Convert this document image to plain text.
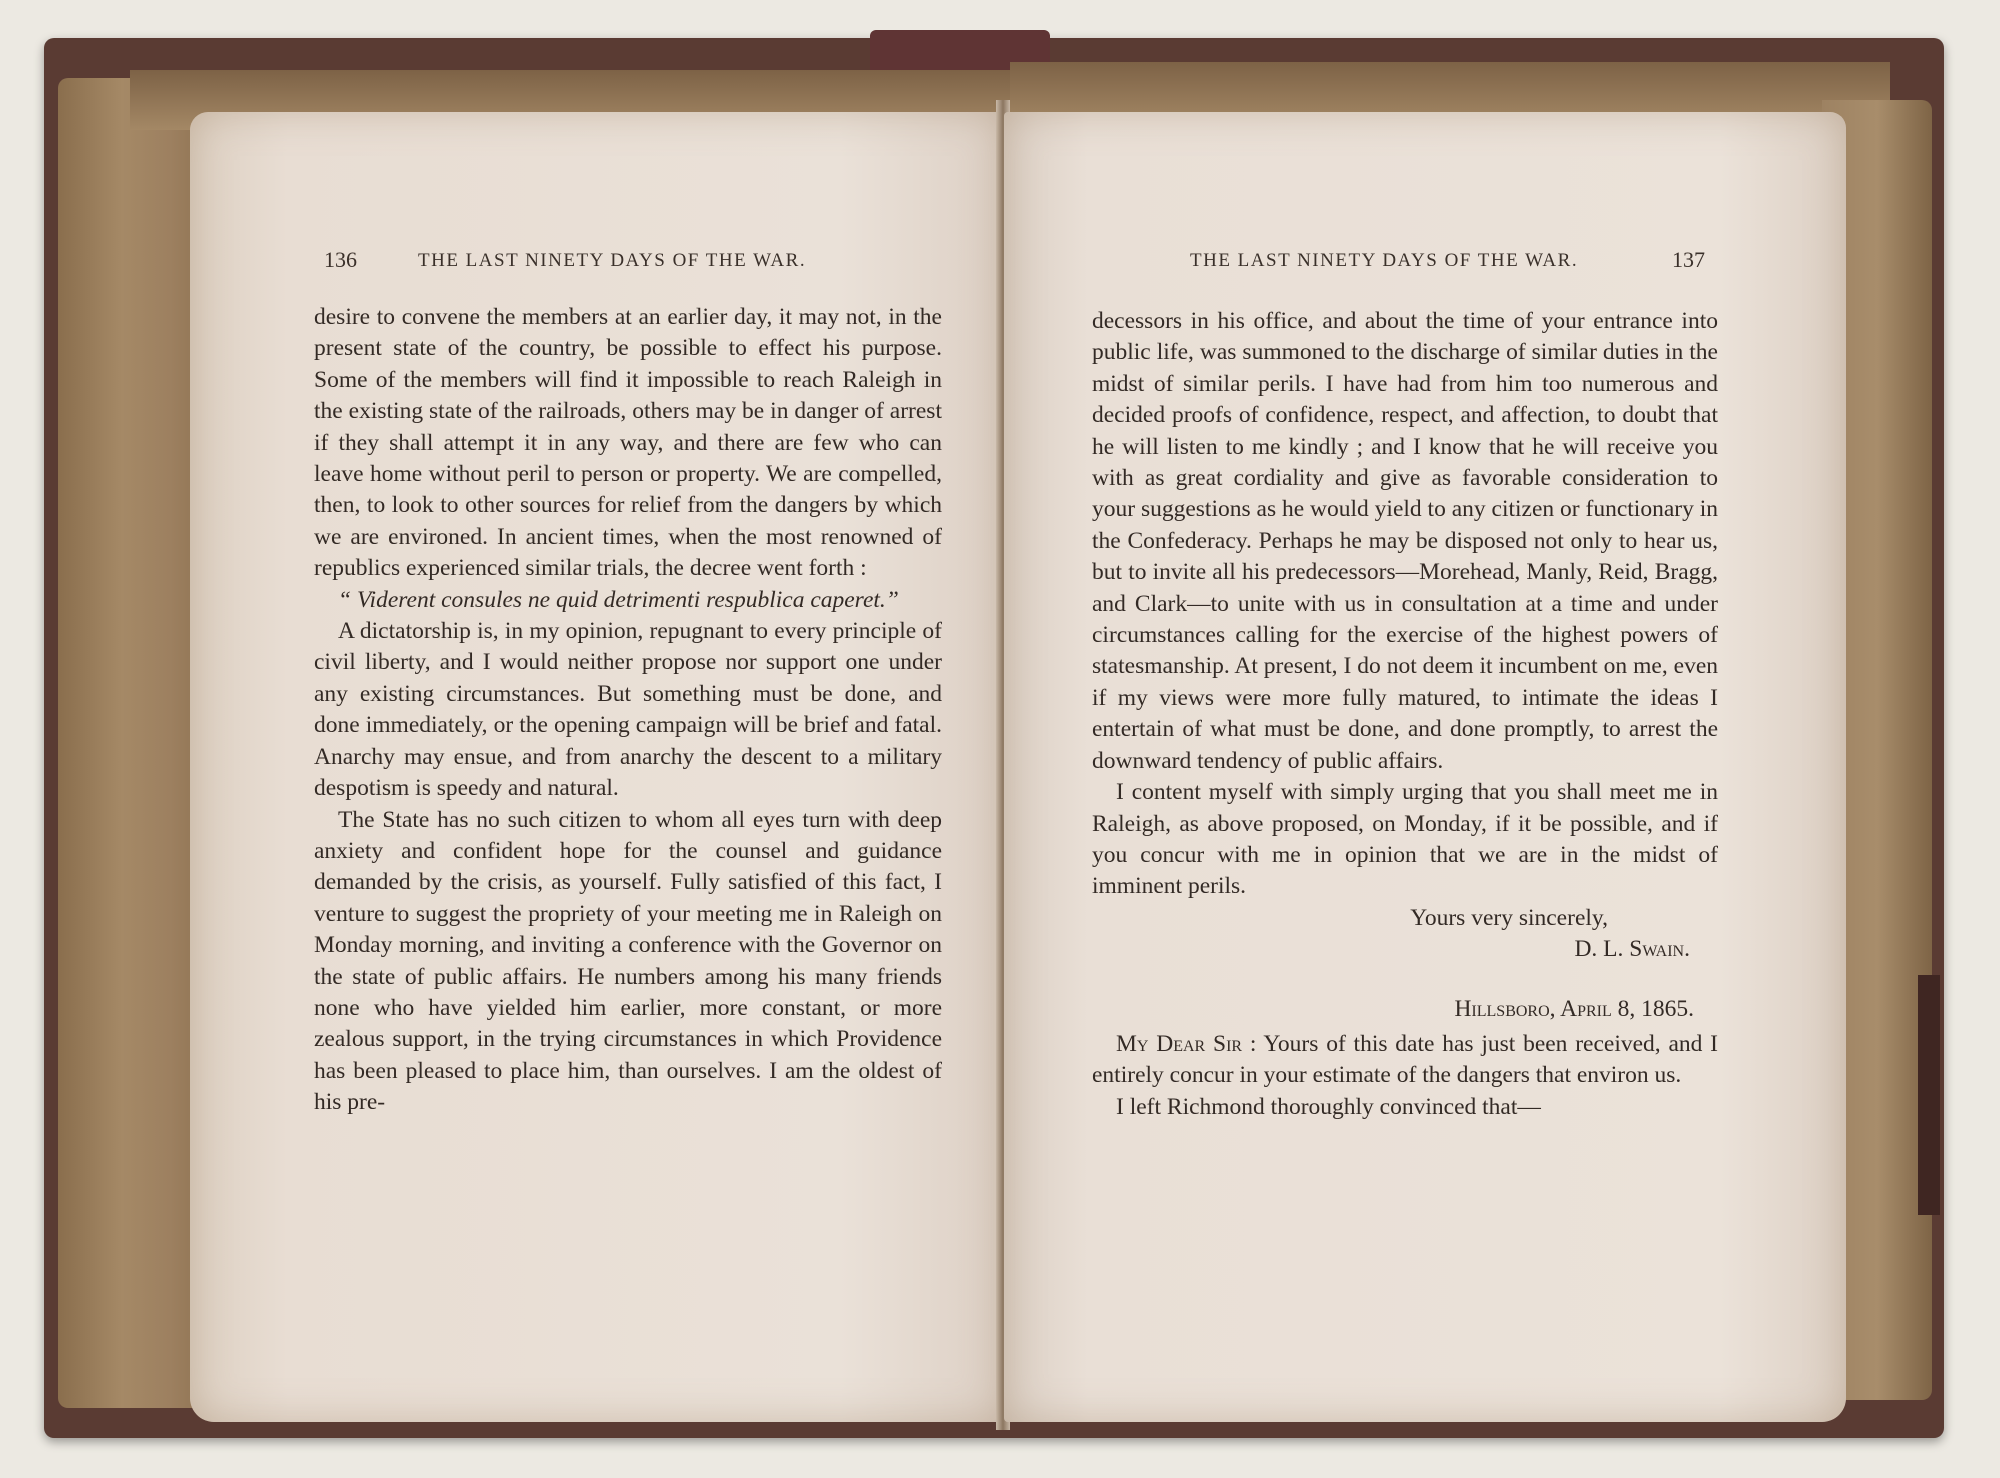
136	THE LAST NINETY DAYS OF THE WAR.

desire to convene the members at an earlier day, it may not, in the present state of the country, be possible to effect his purpose. Some of the members will find it impossible to reach Raleigh in the existing state of the railroads, others may be in danger of arrest if they shall attempt it in any way, and there are few who can leave home without peril to person or property. We are compelled, then, to look to other sources for relief from the dangers by which we are environed. In ancient times, when the most renowned of republics experienced similar trials, the decree went forth :

“ Viderent consules ne quid detrimenti respublica caperet.”

A dictatorship is, in my opinion, repugnant to every principle of civil liberty, and I would neither propose nor support one under any existing circumstances. But something must be done, and done immediately, or the opening campaign will be brief and fatal. Anarchy may ensue, and from anarchy the descent to a military despotism is speedy and natural.

The State has no such citizen to whom all eyes turn with deep anxiety and confident hope for the counsel and guidance demanded by the crisis, as yourself. Fully satisfied of this fact, I venture to suggest the propriety of your meeting me in Raleigh on Monday morning, and inviting a conference with the Governor on the state of public affairs. He numbers among his many friends none who have yielded him earlier, more constant, or more zealous support, in the trying circumstances in which Providence has been pleased to place him, than ourselves. I am the oldest of his pre-

THE LAST NINETY DAYS OF THE WAR.	137

decessors in his office, and about the time of your entrance into public life, was summoned to the discharge of similar duties in the midst of similar perils. I have had from him too numerous and decided proofs of confidence, respect, and affection, to doubt that he will listen to me kindly ; and I know that he will receive you with as great cordiality and give as favorable consideration to your suggestions as he would yield to any citizen or functionary in the Confederacy. Perhaps he may be disposed not only to hear us, but to invite all his predecessors—Morehead, Manly, Reid, Bragg, and Clark—to unite with us in consultation at a time and under circumstances calling for the exercise of the highest powers of statesmanship. At present, I do not deem it incumbent on me, even if my views were more fully matured, to intimate the ideas I entertain of what must be done, and done promptly, to arrest the downward tendency of public affairs.

I content myself with simply urging that you shall meet me in Raleigh, as above proposed, on Monday, if it be possible, and if you concur with me in opinion that we are in the midst of imminent perils.

Yours very sincerely,

D. L. Swain.

Hillsboro, April 8, 1865.

My Dear Sir : Yours of this date has just been received, and I entirely concur in your estimate of the dangers that environ us.

I left Richmond thoroughly convinced that—
